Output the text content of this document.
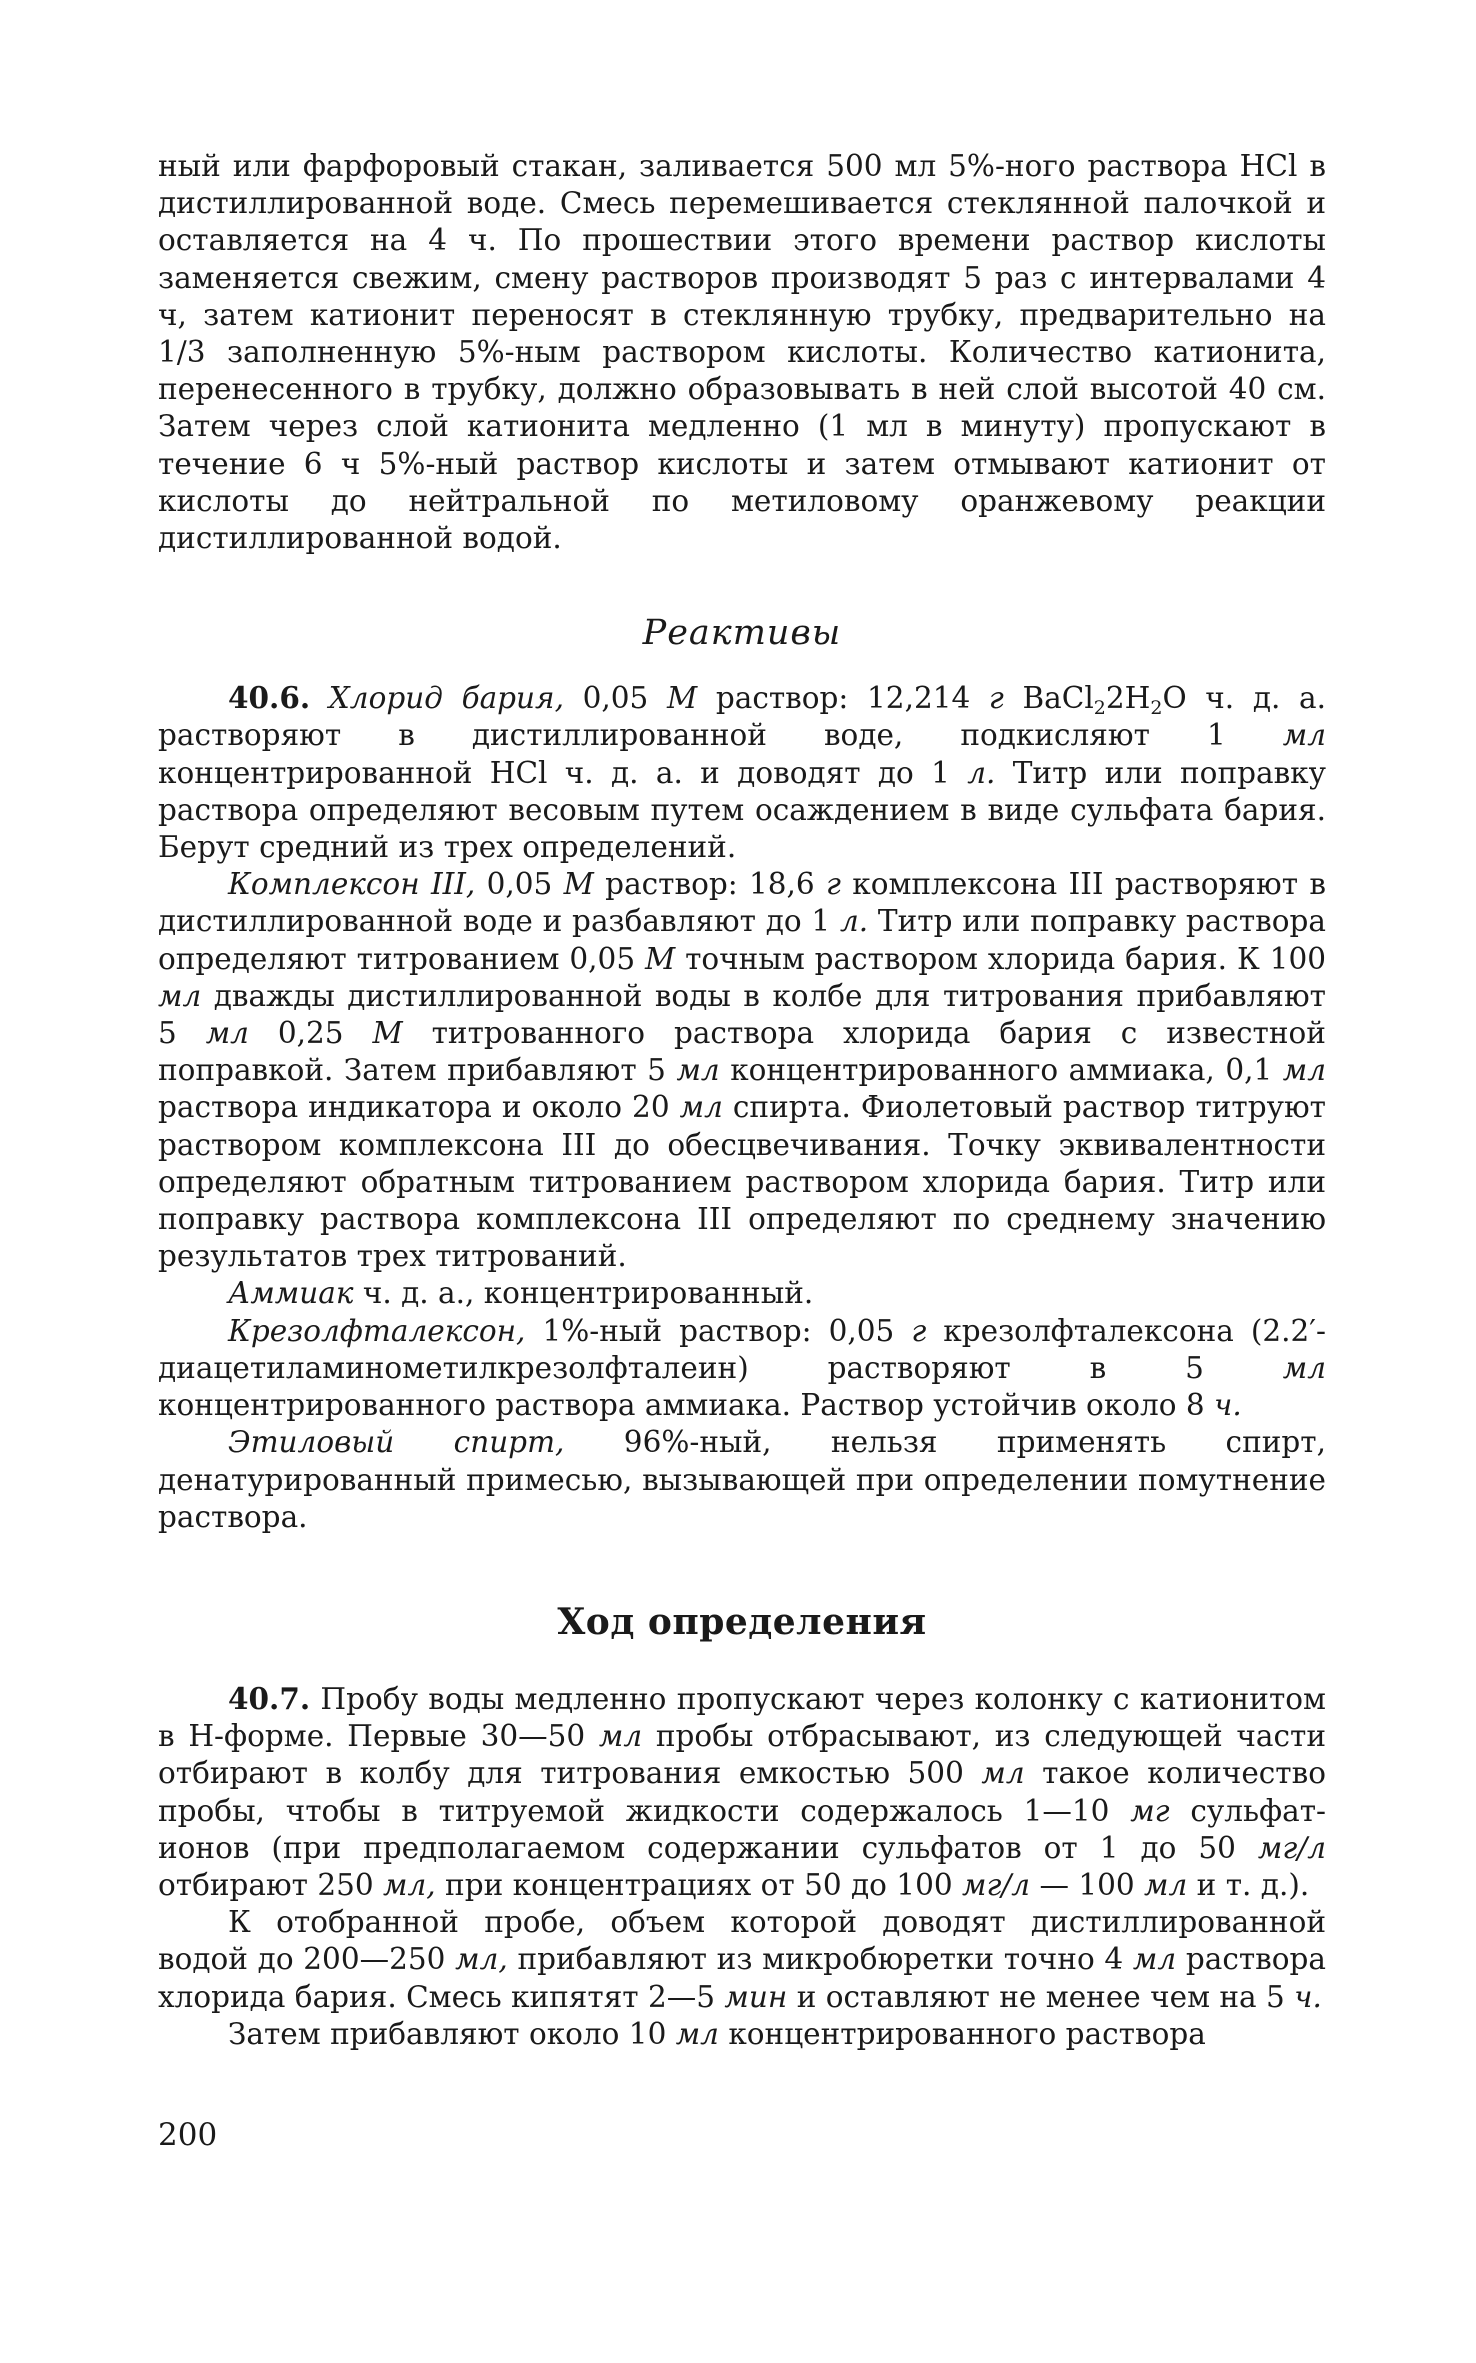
ный или фарфоровый стакан, заливается 500 мл 5%-ного раствора HCl в дистиллированной воде. Смесь перемешивается стеклянной палочкой и оставляется на 4 ч. По прошествии этого времени раствор кислоты заменяется свежим, смену растворов производят 5 раз с интервалами 4 ч, затем катионит переносят в стеклянную трубку, предварительно на 1/3 заполненную 5%-ным раствором кислоты. Количество катионита, перенесенного в трубку, должно образовывать в ней слой высотой 40 см. Затем через слой катионита медленно (1 мл в минуту) пропускают в течение 6 ч 5%-ный раствор кислоты и затем отмывают катионит от кислоты до нейтральной по метиловому оранжевому реакции дистиллированной водой.

Реактивы

40.6. Хлорид бария, 0,05 М раствор: 12,214 г $BaCl_22H_2O$ ч. д. а. растворяют в дистиллированной воде, подкисляют 1 мл концентрированной HCl ч. д. а. и доводят до 1 л. Титр или поправку раствора определяют весовым путем осаждением в виде сульфата бария. Берут средний из трех определений.

Комплексон III, 0,05 М раствор: 18,6 г комплексона III растворяют в дистиллированной воде и разбавляют до 1 л. Титр или поправку раствора определяют титрованием 0,05 М точным раствором хлорида бария. К 100 мл дважды дистиллированной воды в колбе для титрования прибавляют 5 мл 0,25 М титрованного раствора хлорида бария с известной поправкой. Затем прибавляют 5 мл концентрированного аммиака, 0,1 мл раствора индикатора и около 20 мл спирта. Фиолетовый раствор титруют раствором комплексона III до обесцвечивания. Точку эквивалентности определяют обратным титрованием раствором хлорида бария. Титр или поправку раствора комплексона III определяют по среднему значению результатов трех титрований.

Аммиак ч. д. а., концентрированный.

Крезолфталексон, 1%-ный раствор: 0,05 г крезолфталексона (2.2′-диацетиламинометилкрезолфталеин) растворяют в 5 мл концентрированного раствора аммиака. Раствор устойчив около 8 ч.

Этиловый спирт, 96%-ный, нельзя применять спирт, денатурированный примесью, вызывающей при определении помутнение раствора.

Ход определения

40.7. Пробу воды медленно пропускают через колонку с катионитом в Н-форме. Первые 30—50 мл пробы отбрасывают, из следующей части отбирают в колбу для титрования емкостью 500 мл такое количество пробы, чтобы в титруемой жидкости содержалось 1—10 мг сульфат-ионов (при предполагаемом содержании сульфатов от 1 до 50 мг/л отбирают 250 мл, при концентрациях от 50 до 100 мг/л — 100 мл и т. д.).

К отобранной пробе, объем которой доводят дистиллированной водой до 200—250 мл, прибавляют из микробюретки точно 4 мл раствора хлорида бария. Смесь кипятят 2—5 мин и оставляют не менее чем на 5 ч.

Затем прибавляют около 10 мл концентрированного раствора

200
